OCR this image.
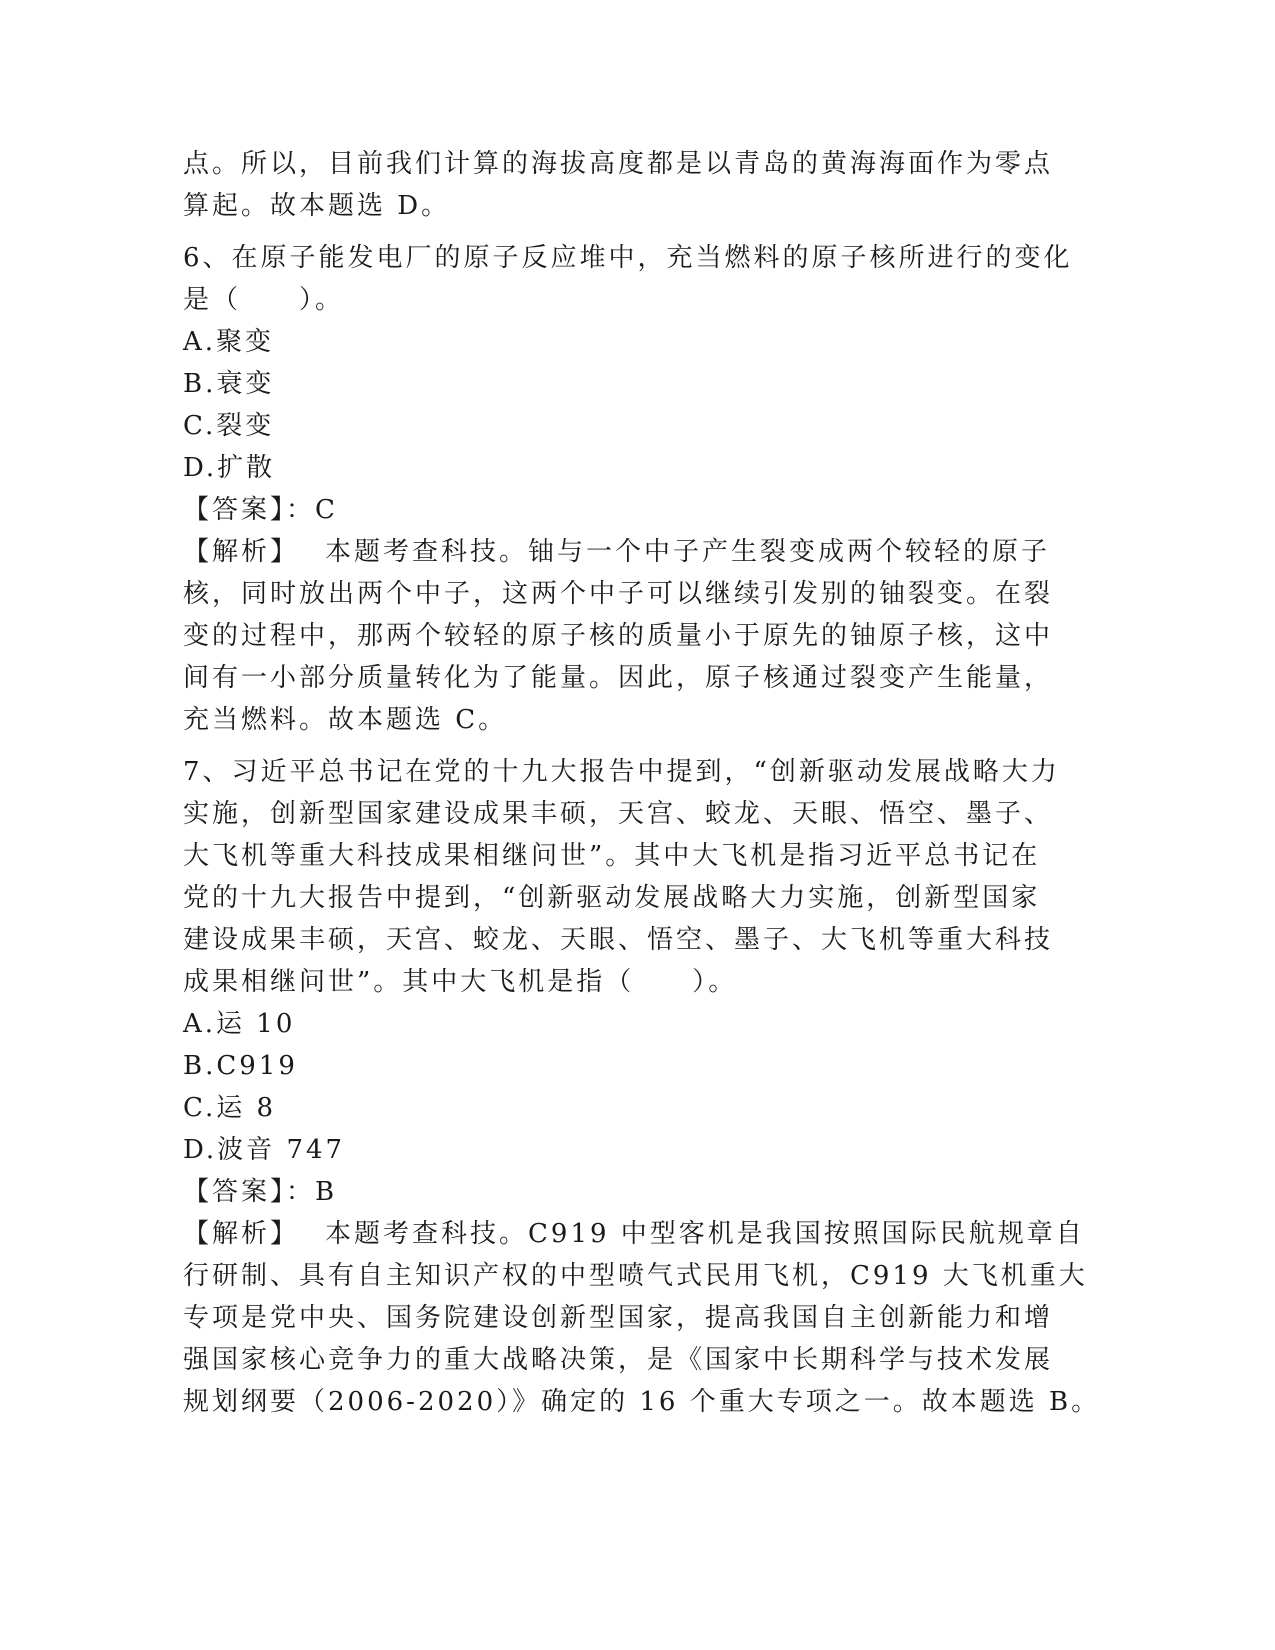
点。所以，目前我们计算的海拔高度都是以青岛的黄海海面作为零点
算起。故本题选 D。
6、在原子能发电厂的原子反应堆中，充当燃料的原子核所进行的变化
是（　　）。
A.聚变
B.衰变
C.裂变
D.扩散
【答案】：C
【解析】 本题考查科技。铀与一个中子产生裂变成两个较轻的原子
核，同时放出两个中子，这两个中子可以继续引发别的铀裂变。在裂
变的过程中，那两个较轻的原子核的质量小于原先的铀原子核，这中
间有一小部分质量转化为了能量。因此，原子核通过裂变产生能量，
充当燃料。故本题选 C。
7、习近平总书记在党的十九大报告中提到，“创新驱动发展战略大力
实施，创新型国家建设成果丰硕，天宫、蛟龙、天眼、悟空、墨子、
大飞机等重大科技成果相继问世”。其中大飞机是指习近平总书记在
党的十九大报告中提到，“创新驱动发展战略大力实施，创新型国家
建设成果丰硕，天宫、蛟龙、天眼、悟空、墨子、大飞机等重大科技
成果相继问世”。其中大飞机是指（　　）。
A.运 10
B.C919
C.运 8
D.波音 747
【答案】：B
【解析】 本题考查科技。C919 中型客机是我国按照国际民航规章自
行研制、具有自主知识产权的中型喷气式民用飞机，C919 大飞机重大
专项是党中央、国务院建设创新型国家，提高我国自主创新能力和增
强国家核心竞争力的重大战略决策，是《国家中长期科学与技术发展
规划纲要（2006-2020）》确定的 16 个重大专项之一。故本题选 B。
